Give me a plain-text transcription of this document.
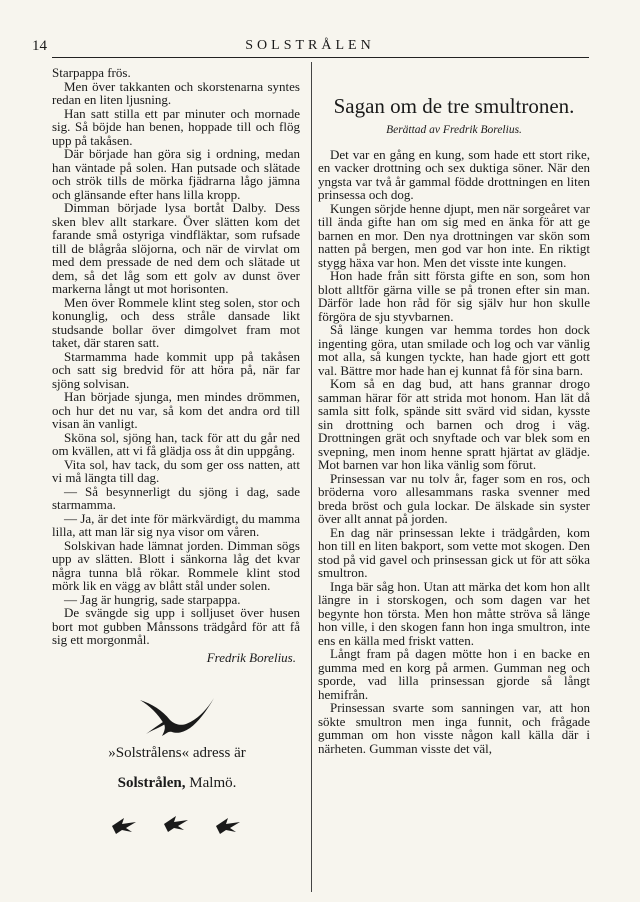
14	SOLSTRÅLEN

Starpappa frös.

Men över takkanten och skorstenarna syntes redan en liten ljusning.

Han satt stilla ett par minuter och mornade sig. Så böjde han benen, hoppade till och flög upp på takåsen.

Där började han göra sig i ordning, medan han väntade på solen. Han putsade och slätade och strök tills de mörka fjädrarna lågo jämna och glänsande efter hans lilla kropp.

Dimman började lysa bortåt Dalby. Dess sken blev allt starkare. Över slätten kom det farande små ostyriga vindfläktar, som rufsade till de blågråa slöjorna, och när de virvlat om med dem pressade de ned dem och slätade ut dem, så det låg som ett golv av dunst över markerna långt ut mot horisonten.

Men över Rommele klint steg solen, stor och konunglig, och dess stråle dansade likt studsande bollar över dimgolvet fram mot taket, där staren satt.

Starmamma hade kommit upp på takåsen och satt sig bredvid för att höra på, när far sjöng solvisan.

Han började sjunga, men mindes drömmen, och hur det nu var, så kom det andra ord till visan än vanligt.

Sköna sol, sjöng han, tack för att du går ned om kvällen, att vi få glädja oss åt din uppgång.

Vita sol, hav tack, du som ger oss natten, att vi må längta till dag.

— Så besynnerligt du sjöng i dag, sade starmamma.

— Ja, är det inte för märkvärdigt, du mamma lilla, att man lär sig nya visor om våren.

Solskivan hade lämnat jorden. Dimman sögs upp av slätten. Blott i sänkorna låg det kvar några tunna blå rökar. Rommele klint stod mörk lik en vägg av blått stål under solen.

— Jag är hungrig, sade starpappa.

De svängde sig upp i solljuset över husen bort mot gubben Månssons trädgård för att få sig ett morgonmål.

Fredrik Borelius.
»Solstrålens« adress är
Solstrålen, Malmö.
Sagan om de tre smultronen.
Berättad av Fredrik Borelius.

Det var en gång en kung, som hade ett stort rike, en vacker drottning och sex duktiga söner. När den yngsta var två år gammal födde drottningen en liten prinsessa och dog.

Kungen sörjde henne djupt, men när sorgeåret var till ända gifte han om sig med en änka för att ge barnen en mor. Den nya drottningen var skön som natten på bergen, men god var hon inte. En riktigt stygg häxa var hon. Men det visste inte kungen.

Hon hade från sitt första gifte en son, som hon blott alltför gärna ville se på tronen efter sin man. Därför lade hon råd för sig själv hur hon skulle förgöra de sju styvbarnen.

Så länge kungen var hemma tordes hon dock ingenting göra, utan smilade och log och var vänlig mot alla, så kungen tyckte, han hade gjort ett gott val. Bättre mor hade han ej kunnat få för sina barn.

Kom så en dag bud, att hans grannar drogo samman härar för att strida mot honom. Han lät då samla sitt folk, spände sitt svärd vid sidan, kysste sin drottning och barnen och drog i väg. Drottningen grät och snyftade och var blek som en svepning, men inom henne spratt hjärtat av glädje. Mot barnen var hon lika vänlig som förut.

Prinsessan var nu tolv år, fager som en ros, och bröderna voro allesammans raska svenner med breda bröst och gula lockar. De älskade sin syster över allt annat på jorden.

En dag när prinsessan lekte i trädgården, kom hon till en liten bakport, som vette mot skogen. Den stod på vid gavel och prinsessan gick ut för att söka smultron.

Inga bär såg hon. Utan att märka det kom hon allt längre in i storskogen, och som dagen var het begynte hon törsta. Men hon måtte ströva så länge hon ville, i den skogen fann hon inga smultron, inte ens en källa med friskt vatten.

Långt fram på dagen mötte hon i en backe en gumma med en korg på armen. Gumman neg och sporde, vad lilla prinsessan gjorde så långt hemifrån.

Prinsessan svarte som sanningen var, att hon sökte smultron men inga funnit, och frågade gumman om hon visste någon kall källa där i närheten. Gumman visste det väl,
